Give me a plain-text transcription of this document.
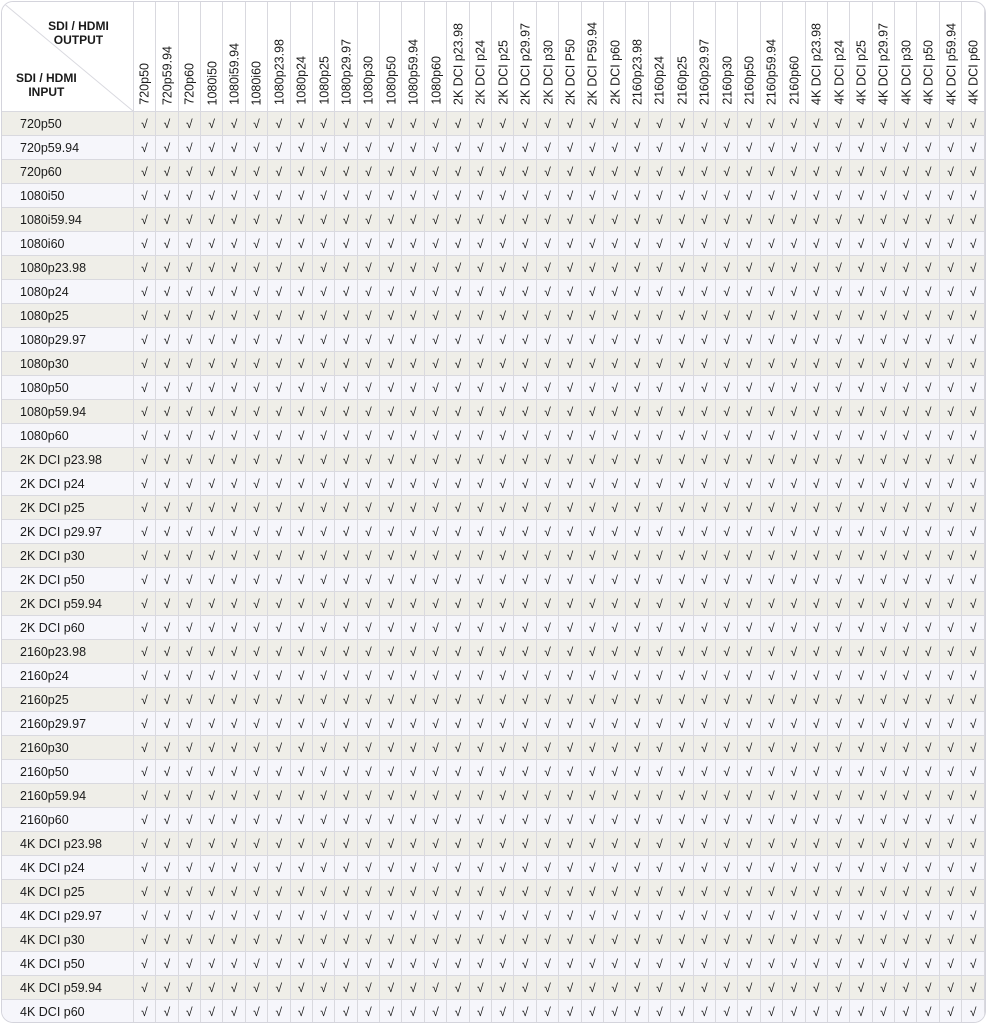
SDI / HDMI
OUTPUT
SDI / HDMI
INPUT	720p50	720p59.94	720p60	1080i50	1080i59.94	1080i60	1080p23.98	1080p24	1080p25	1080p29.97	1080p30	1080p50	1080p59.94	1080p60	2K DCI p23.98	2K DCI p24	2K DCI p25	2K DCI p29.97	2K DCI p30	2K DCI P50	2K DCI P59.94	2K DCI p60	2160p23.98	2160p24	2160p25	2160p29.97	2160p30	2160p50	2160p59.94	2160p60	4K DCI p23.98	4K DCI p24	4K DCI p25	4K DCI p29.97	4K DCI p30	4K DCI p50	4K DCI p59.94	4K DCI p60

720p50	√	√	√	√	√	√	√	√	√	√	√	√	√	√	√	√	√	√	√	√	√	√	√	√	√	√	√	√	√	√	√	√	√	√	√	√	√	√
720p59.94	√	√	√	√	√	√	√	√	√	√	√	√	√	√	√	√	√	√	√	√	√	√	√	√	√	√	√	√	√	√	√	√	√	√	√	√	√	√
720p60	√	√	√	√	√	√	√	√	√	√	√	√	√	√	√	√	√	√	√	√	√	√	√	√	√	√	√	√	√	√	√	√	√	√	√	√	√	√
1080i50	√	√	√	√	√	√	√	√	√	√	√	√	√	√	√	√	√	√	√	√	√	√	√	√	√	√	√	√	√	√	√	√	√	√	√	√	√	√
1080i59.94	√	√	√	√	√	√	√	√	√	√	√	√	√	√	√	√	√	√	√	√	√	√	√	√	√	√	√	√	√	√	√	√	√	√	√	√	√	√
1080i60	√	√	√	√	√	√	√	√	√	√	√	√	√	√	√	√	√	√	√	√	√	√	√	√	√	√	√	√	√	√	√	√	√	√	√	√	√	√
1080p23.98	√	√	√	√	√	√	√	√	√	√	√	√	√	√	√	√	√	√	√	√	√	√	√	√	√	√	√	√	√	√	√	√	√	√	√	√	√	√
1080p24	√	√	√	√	√	√	√	√	√	√	√	√	√	√	√	√	√	√	√	√	√	√	√	√	√	√	√	√	√	√	√	√	√	√	√	√	√	√
1080p25	√	√	√	√	√	√	√	√	√	√	√	√	√	√	√	√	√	√	√	√	√	√	√	√	√	√	√	√	√	√	√	√	√	√	√	√	√	√
1080p29.97	√	√	√	√	√	√	√	√	√	√	√	√	√	√	√	√	√	√	√	√	√	√	√	√	√	√	√	√	√	√	√	√	√	√	√	√	√	√
1080p30	√	√	√	√	√	√	√	√	√	√	√	√	√	√	√	√	√	√	√	√	√	√	√	√	√	√	√	√	√	√	√	√	√	√	√	√	√	√
1080p50	√	√	√	√	√	√	√	√	√	√	√	√	√	√	√	√	√	√	√	√	√	√	√	√	√	√	√	√	√	√	√	√	√	√	√	√	√	√
1080p59.94	√	√	√	√	√	√	√	√	√	√	√	√	√	√	√	√	√	√	√	√	√	√	√	√	√	√	√	√	√	√	√	√	√	√	√	√	√	√
1080p60	√	√	√	√	√	√	√	√	√	√	√	√	√	√	√	√	√	√	√	√	√	√	√	√	√	√	√	√	√	√	√	√	√	√	√	√	√	√
2K DCI p23.98	√	√	√	√	√	√	√	√	√	√	√	√	√	√	√	√	√	√	√	√	√	√	√	√	√	√	√	√	√	√	√	√	√	√	√	√	√	√
2K DCI p24	√	√	√	√	√	√	√	√	√	√	√	√	√	√	√	√	√	√	√	√	√	√	√	√	√	√	√	√	√	√	√	√	√	√	√	√	√	√
2K DCI p25	√	√	√	√	√	√	√	√	√	√	√	√	√	√	√	√	√	√	√	√	√	√	√	√	√	√	√	√	√	√	√	√	√	√	√	√	√	√
2K DCI p29.97	√	√	√	√	√	√	√	√	√	√	√	√	√	√	√	√	√	√	√	√	√	√	√	√	√	√	√	√	√	√	√	√	√	√	√	√	√	√
2K DCI p30	√	√	√	√	√	√	√	√	√	√	√	√	√	√	√	√	√	√	√	√	√	√	√	√	√	√	√	√	√	√	√	√	√	√	√	√	√	√
2K DCI p50	√	√	√	√	√	√	√	√	√	√	√	√	√	√	√	√	√	√	√	√	√	√	√	√	√	√	√	√	√	√	√	√	√	√	√	√	√	√
2K DCI p59.94	√	√	√	√	√	√	√	√	√	√	√	√	√	√	√	√	√	√	√	√	√	√	√	√	√	√	√	√	√	√	√	√	√	√	√	√	√	√
2K DCI p60	√	√	√	√	√	√	√	√	√	√	√	√	√	√	√	√	√	√	√	√	√	√	√	√	√	√	√	√	√	√	√	√	√	√	√	√	√	√
2160p23.98	√	√	√	√	√	√	√	√	√	√	√	√	√	√	√	√	√	√	√	√	√	√	√	√	√	√	√	√	√	√	√	√	√	√	√	√	√	√
2160p24	√	√	√	√	√	√	√	√	√	√	√	√	√	√	√	√	√	√	√	√	√	√	√	√	√	√	√	√	√	√	√	√	√	√	√	√	√	√
2160p25	√	√	√	√	√	√	√	√	√	√	√	√	√	√	√	√	√	√	√	√	√	√	√	√	√	√	√	√	√	√	√	√	√	√	√	√	√	√
2160p29.97	√	√	√	√	√	√	√	√	√	√	√	√	√	√	√	√	√	√	√	√	√	√	√	√	√	√	√	√	√	√	√	√	√	√	√	√	√	√
2160p30	√	√	√	√	√	√	√	√	√	√	√	√	√	√	√	√	√	√	√	√	√	√	√	√	√	√	√	√	√	√	√	√	√	√	√	√	√	√
2160p50	√	√	√	√	√	√	√	√	√	√	√	√	√	√	√	√	√	√	√	√	√	√	√	√	√	√	√	√	√	√	√	√	√	√	√	√	√	√
2160p59.94	√	√	√	√	√	√	√	√	√	√	√	√	√	√	√	√	√	√	√	√	√	√	√	√	√	√	√	√	√	√	√	√	√	√	√	√	√	√
2160p60	√	√	√	√	√	√	√	√	√	√	√	√	√	√	√	√	√	√	√	√	√	√	√	√	√	√	√	√	√	√	√	√	√	√	√	√	√	√
4K DCI p23.98	√	√	√	√	√	√	√	√	√	√	√	√	√	√	√	√	√	√	√	√	√	√	√	√	√	√	√	√	√	√	√	√	√	√	√	√	√	√
4K DCI p24	√	√	√	√	√	√	√	√	√	√	√	√	√	√	√	√	√	√	√	√	√	√	√	√	√	√	√	√	√	√	√	√	√	√	√	√	√	√
4K DCI p25	√	√	√	√	√	√	√	√	√	√	√	√	√	√	√	√	√	√	√	√	√	√	√	√	√	√	√	√	√	√	√	√	√	√	√	√	√	√
4K DCI p29.97	√	√	√	√	√	√	√	√	√	√	√	√	√	√	√	√	√	√	√	√	√	√	√	√	√	√	√	√	√	√	√	√	√	√	√	√	√	√
4K DCI p30	√	√	√	√	√	√	√	√	√	√	√	√	√	√	√	√	√	√	√	√	√	√	√	√	√	√	√	√	√	√	√	√	√	√	√	√	√	√
4K DCI p50	√	√	√	√	√	√	√	√	√	√	√	√	√	√	√	√	√	√	√	√	√	√	√	√	√	√	√	√	√	√	√	√	√	√	√	√	√	√
4K DCI p59.94	√	√	√	√	√	√	√	√	√	√	√	√	√	√	√	√	√	√	√	√	√	√	√	√	√	√	√	√	√	√	√	√	√	√	√	√	√	√
4K DCI p60	√	√	√	√	√	√	√	√	√	√	√	√	√	√	√	√	√	√	√	√	√	√	√	√	√	√	√	√	√	√	√	√	√	√	√	√	√	√
